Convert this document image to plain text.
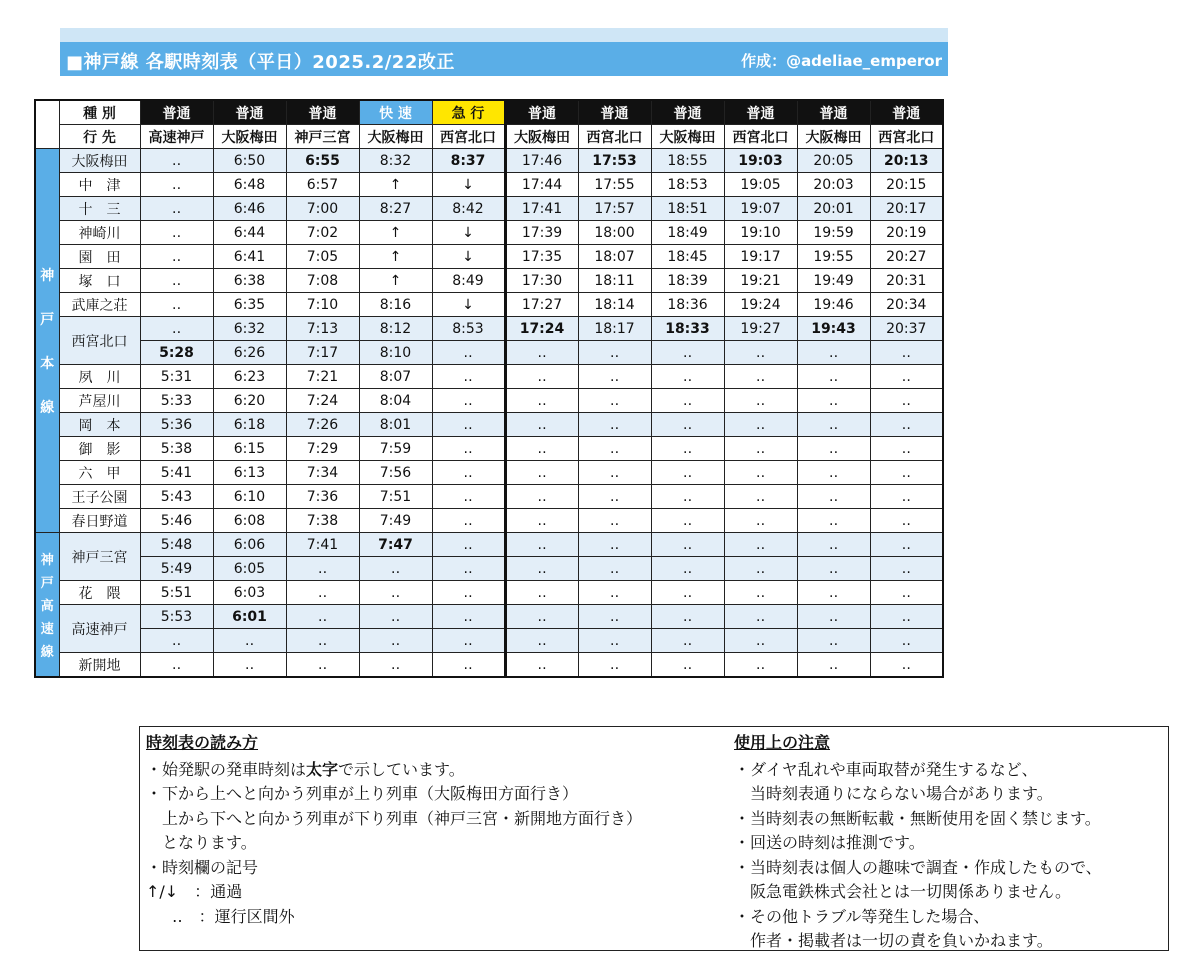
■神戸線 各駅時刻表（平日）2025.2/22改正	作成：@adeliae_emperor
	種 別	普通	普通	普通	快 速	急 行	普通	普通	普通	普通	普通	普通
	行 先	高速神戸	大阪梅田	神戸三宮	大阪梅田	西宮北口	大阪梅田	西宮北口	大阪梅田	西宮北口	大阪梅田	西宮北口

神
戸
本
線	大阪梅田	‥	6:50	6:55	8:32	8:37	17:46	17:53	18:55	19:03	20:05	20:13
	中　津	‥	6:48	6:57	↑	↓	17:44	17:55	18:53	19:05	20:03	20:15
	十　三	‥	6:46	7:00	8:27	8:42	17:41	17:57	18:51	19:07	20:01	20:17
	神崎川	‥	6:44	7:02	↑	↓	17:39	18:00	18:49	19:10	19:59	20:19
	園　田	‥	6:41	7:05	↑	↓	17:35	18:07	18:45	19:17	19:55	20:27
	塚　口	‥	6:38	7:08	↑	8:49	17:30	18:11	18:39	19:21	19:49	20:31
	武庫之荘	‥	6:35	7:10	8:16	↓	17:27	18:14	18:36	19:24	19:46	20:34
	西宮北口	‥	6:32	7:13	8:12	8:53	17:24	18:17	18:33	19:27	19:43	20:37
		5:28	6:26	7:17	8:10	‥	‥	‥	‥	‥	‥	‥
	夙　川	5:31	6:23	7:21	8:07	‥	‥	‥	‥	‥	‥	‥
	芦屋川	5:33	6:20	7:24	8:04	‥	‥	‥	‥	‥	‥	‥
	岡　本	5:36	6:18	7:26	8:01	‥	‥	‥	‥	‥	‥	‥
	御　影	5:38	6:15	7:29	7:59	‥	‥	‥	‥	‥	‥	‥
	六　甲	5:41	6:13	7:34	7:56	‥	‥	‥	‥	‥	‥	‥
	王子公園	5:43	6:10	7:36	7:51	‥	‥	‥	‥	‥	‥	‥
	春日野道	5:46	6:08	7:38	7:49	‥	‥	‥	‥	‥	‥	‥

神
戸
高
速
線	神戸三宮	5:48	6:06	7:41	7:47	‥	‥	‥	‥	‥	‥	‥
		5:49	6:05	‥	‥	‥	‥	‥	‥	‥	‥	‥
	花　隈	5:51	6:03	‥	‥	‥	‥	‥	‥	‥	‥	‥
	高速神戸	5:53	6:01	‥	‥	‥	‥	‥	‥	‥	‥	‥
		‥	‥	‥	‥	‥	‥	‥	‥	‥	‥	‥
	新開地	‥	‥	‥	‥	‥	‥	‥	‥	‥	‥	‥
時刻表の読み方
・始発駅の発車時刻は太字で示しています。
・下から上へと向かう列車が上り列車（大阪梅田方面行き）
上から下へと向かう列車が下り列車（神戸三宮・新開地方面行き）
となります。
・時刻欄の記号
↑/↓　：通過
‥　：運行区間外
使用上の注意
・ダイヤ乱れや車両取替が発生するなど、
当時刻表通りにならない場合があります。
・当時刻表の無断転載・無断使用を固く禁じます。
・回送の時刻は推測です。
・当時刻表は個人の趣味で調査・作成したもので、
阪急電鉄株式会社とは一切関係ありません。
・その他トラブル等発生した場合、
作者・掲載者は一切の責を負いかねます。
